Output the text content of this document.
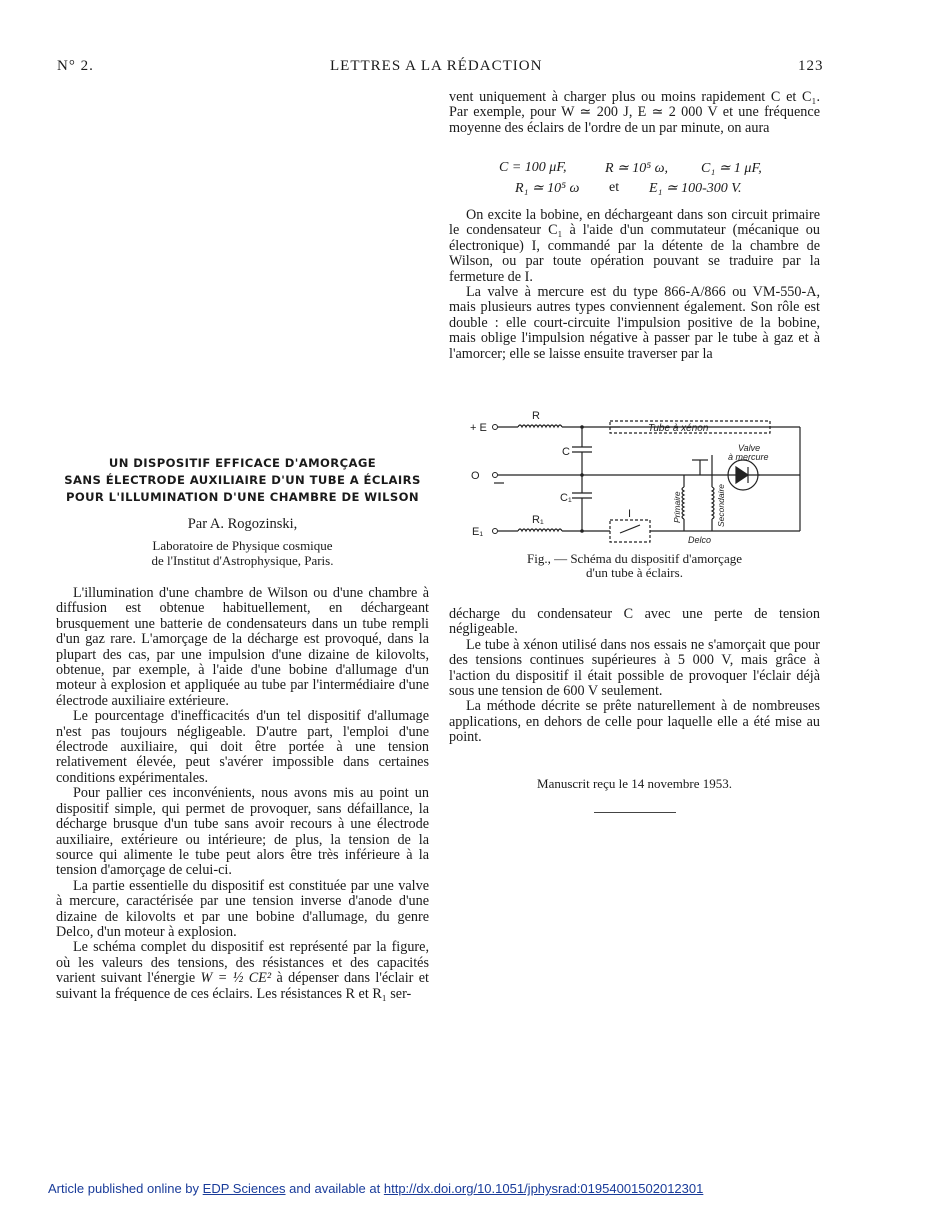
N° 2.	LETTRES A LA RÉDACTION	123
UN DISPOSITIF EFFICACE D'AMORÇAGE
SANS ÉLECTRODE AUXILIAIRE D'UN TUBE A ÉCLAIRS
POUR L'ILLUMINATION D'UNE CHAMBRE DE WILSON
Par A. Rogozinski,
Laboratoire de Physique cosmique
de l'Institut d'Astrophysique, Paris.

L'illumination d'une chambre de Wilson ou d'une chambre à diffusion est obtenue habituellement, en déchargeant brusquement une batterie de condensateurs dans un tube rempli d'un gaz rare. L'amorçage de la décharge est provoqué, dans la plupart des cas, par une impulsion d'une dizaine de kilovolts, obtenue, par exemple, à l'aide d'une bobine d'allumage d'un moteur à explosion et appliquée au tube par l'intermédiaire d'une électrode auxiliaire extérieure.

Le pourcentage d'inefficacités d'un tel dispositif d'allumage n'est pas toujours négligeable. D'autre part, l'emploi d'une électrode auxiliaire, qui doit être portée à une tension relativement élevée, peut s'avérer impossible dans certaines conditions expérimentales.

Pour pallier ces inconvénients, nous avons mis au point un dispositif simple, qui permet de provoquer, sans défaillance, la décharge brusque d'un tube sans avoir recours à une électrode auxiliaire, extérieure ou intérieure; de plus, la tension de la source qui alimente le tube peut alors être très inférieure à la tension d'amorçage de celui-ci.

La partie essentielle du dispositif est constituée par une valve à mercure, caractérisée par une tension inverse d'anode d'une dizaine de kilovolts et par une bobine d'allumage, du genre Delco, d'un moteur à explosion.

Le schéma complet du dispositif est représenté par la figure, où les valeurs des tensions, des résistances et des capacités varient suivant l'énergie W = ½ CE² à dépenser dans l'éclair et suivant la fréquence de ces éclairs. Les résistances R et R₁ ser-

vent uniquement à charger plus ou moins rapidement C et C₁. Par exemple, pour W ≃ 200 J, E ≃ 2 000 V et une fréquence moyenne des éclairs de l'ordre de un par minute, on aura

C = 100 μF,	R ≃ 10⁵ ω, C₁ ≃ 1 μF,
R₁ ≃ 10⁵ ω et E₁ ≃ 100-300 V.

On excite la bobine, en déchargeant dans son circuit primaire le condensateur C₁ à l'aide d'un commutateur (mécanique ou électronique) I, commandé par la détente de la chambre de Wilson, ou par toute opération pouvant se traduire par la fermeture de I.

La valve à mercure est du type 866-A/866 ou VM-550-A, mais plusieurs autres types conviennent également. Son rôle est double : elle court-circuite l'impulsion positive de la bobine, mais oblige l'impulsion négative à passer par le tube à gaz et à l'amorcer; elle se laisse ensuite traverser par la

+ E
O
E₁
R
R₁
C
C₁
I
Tube à xénon
Valve
à mercure
Delco
Primaire	Secondaire
Fig., — Schéma du dispositif d'amorçage
d'un tube à éclairs.

décharge du condensateur C avec une perte de tension négligeable.

Le tube à xénon utilisé dans nos essais ne s'amorçait que pour des tensions continues supérieures à 5 000 V, mais grâce à l'action du dispositif il était possible de provoquer l'éclair déjà sous une tension de 600 V seulement.

La méthode décrite se prête naturellement à de nombreuses applications, en dehors de celle pour laquelle elle a été mise au point.

Manuscrit reçu le 14 novembre 1953.
Article published online by EDP Sciences and available at http://dx.doi.org/10.1051/jphysrad:01954001502012301
